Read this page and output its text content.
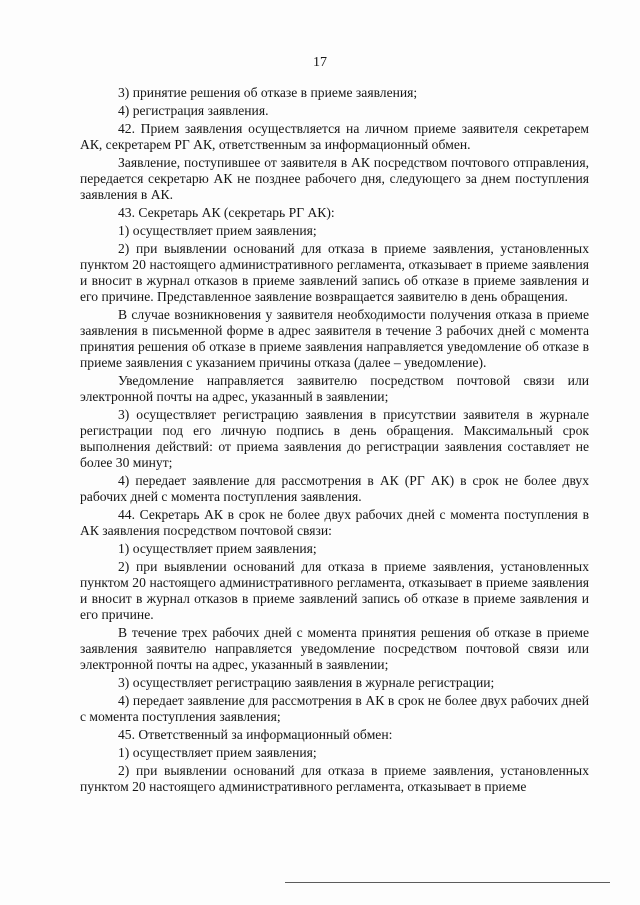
17

3) принятие решения об отказе в приеме заявления;

4) регистрация заявления.

42. Прием заявления осуществляется на личном приеме заявителя секретарем АК, секретарем РГ АК, ответственным за информационный обмен.

Заявление, поступившее от заявителя в АК посредством почтового отправления, передается секретарю АК не позднее рабочего дня, следующего за днем поступления заявления в АК.

43. Секретарь АК (секретарь РГ АК):

1) осуществляет прием заявления;

2) при выявлении оснований для отказа в приеме заявления, установленных пунктом 20 настоящего административного регламента, отказывает в приеме заявления и вносит в журнал отказов в приеме заявлений запись об отказе в приеме заявления и его причине. Представленное заявление возвращается заявителю в день обращения.

В случае возникновения у заявителя необходимости получения отказа в приеме заявления в письменной форме в адрес заявителя в течение 3 рабочих дней с момента принятия решения об отказе в приеме заявления направляется уведомление об отказе в приеме заявления с указанием причины отказа (далее – уведомление).

Уведомление направляется заявителю посредством почтовой связи или электронной почты на адрес, указанный в заявлении;

3) осуществляет регистрацию заявления в присутствии заявителя в журнале регистрации под его личную подпись в день обращения. Максимальный срок выполнения действий: от приема заявления до регистрации заявления составляет не более 30 минут;

4) передает заявление для рассмотрения в АК (РГ АК) в срок не более двух рабочих дней с момента поступления заявления.

44. Секретарь АК в срок не более двух рабочих дней с момента поступления в АК заявления посредством почтовой связи:

1) осуществляет прием заявления;

2) при выявлении оснований для отказа в приеме заявления, установленных пунктом 20 настоящего административного регламента, отказывает в приеме заявления и вносит в журнал отказов в приеме заявлений запись об отказе в приеме заявления и его причине.

В течение трех рабочих дней с момента принятия решения об отказе в приеме заявления заявителю направляется уведомление посредством почтовой связи или электронной почты на адрес, указанный в заявлении;

3) осуществляет регистрацию заявления в журнале регистрации;

4) передает заявление для рассмотрения в АК в срок не более двух рабочих дней с момента поступления заявления;

45. Ответственный за информационный обмен:

1) осуществляет прием заявления;

2) при выявлении оснований для отказа в приеме заявления, установленных пунктом 20 настоящего административного регламента, отказывает в приеме
